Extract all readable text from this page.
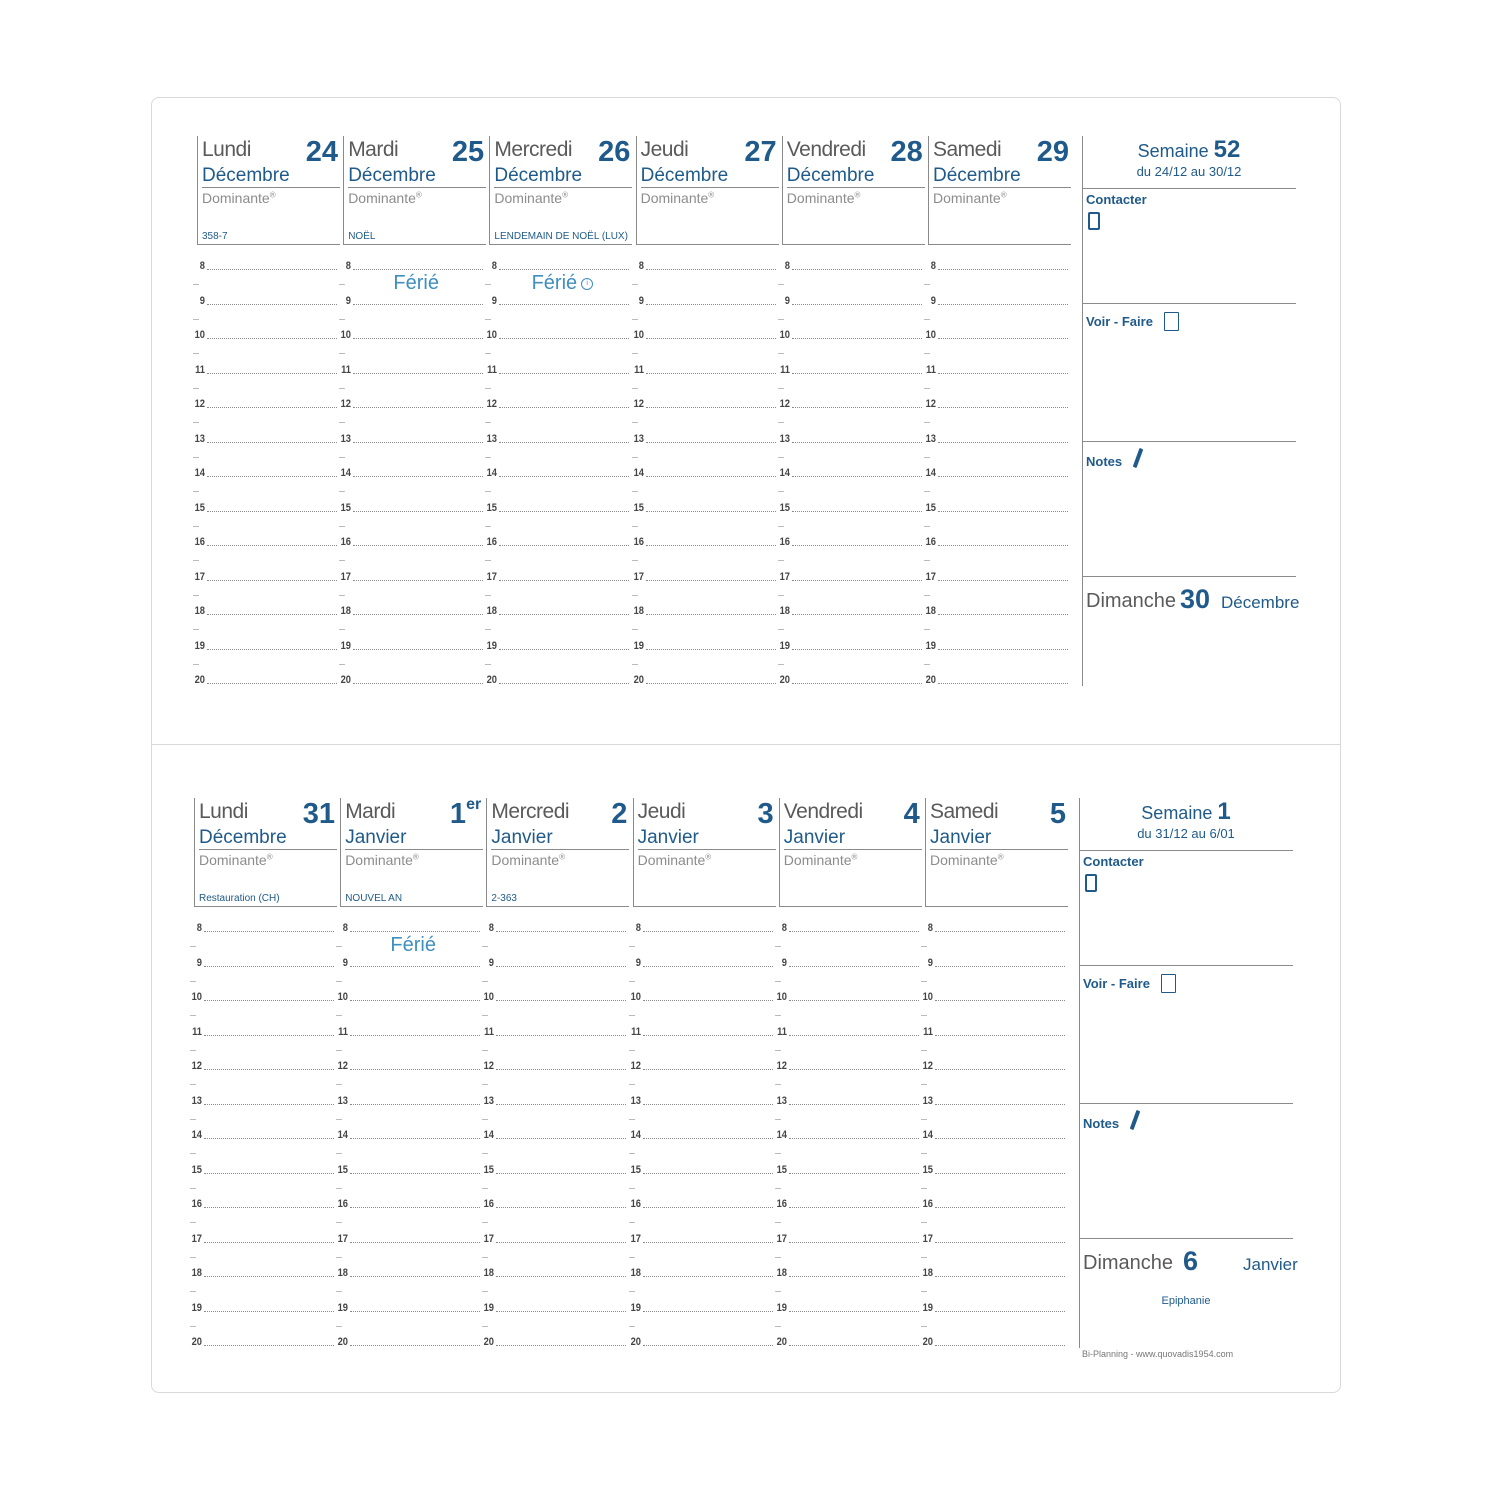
Lundi 24
Décembre
Dominante®
358-7
8
9
10
11
12
13
14
15
16
17
18
19
20
Mardi 25
Décembre
Dominante®
NOËL
Férié
8
9
10
11
12
13
14
15
16
17
18
19
20
Mercredi 26
Décembre
Dominante®
LENDEMAIN DE NOËL (LUX)
Férié i
8
9
10
11
12
13
14
15
16
17
18
19
20
Jeudi 27
Décembre
Dominante®
8
9
10
11
12
13
14
15
16
17
18
19
20
Vendredi 28
Décembre
Dominante®
8
9
10
11
12
13
14
15
16
17
18
19
20
Samedi 29
Décembre
Dominante®
8
9
10
11
12
13
14
15
16
17
18
19
20
Semaine 52
du 24/12 au 30/12
Contacter
Voir - Faire
Notes
Dimanche 30 Décembre
Lundi 31
Décembre
Dominante®
Restauration (CH)
8
9
10
11
12
13
14
15
16
17
18
19
20
Mardi 1er
Janvier
Dominante®
NOUVEL AN
Férié
8
9
10
11
12
13
14
15
16
17
18
19
20
Mercredi 2
Janvier
Dominante®
2-363
8
9
10
11
12
13
14
15
16
17
18
19
20
Jeudi 3
Janvier
Dominante®
8
9
10
11
12
13
14
15
16
17
18
19
20
Vendredi 4
Janvier
Dominante®
8
9
10
11
12
13
14
15
16
17
18
19
20
Samedi 5
Janvier
Dominante®
8
9
10
11
12
13
14
15
16
17
18
19
20
Semaine 1
du 31/12 au 6/01
Contacter
Voir - Faire
Notes
Dimanche 6	Janvier
Epiphanie
Bi-Planning - www.quovadis1954.com
